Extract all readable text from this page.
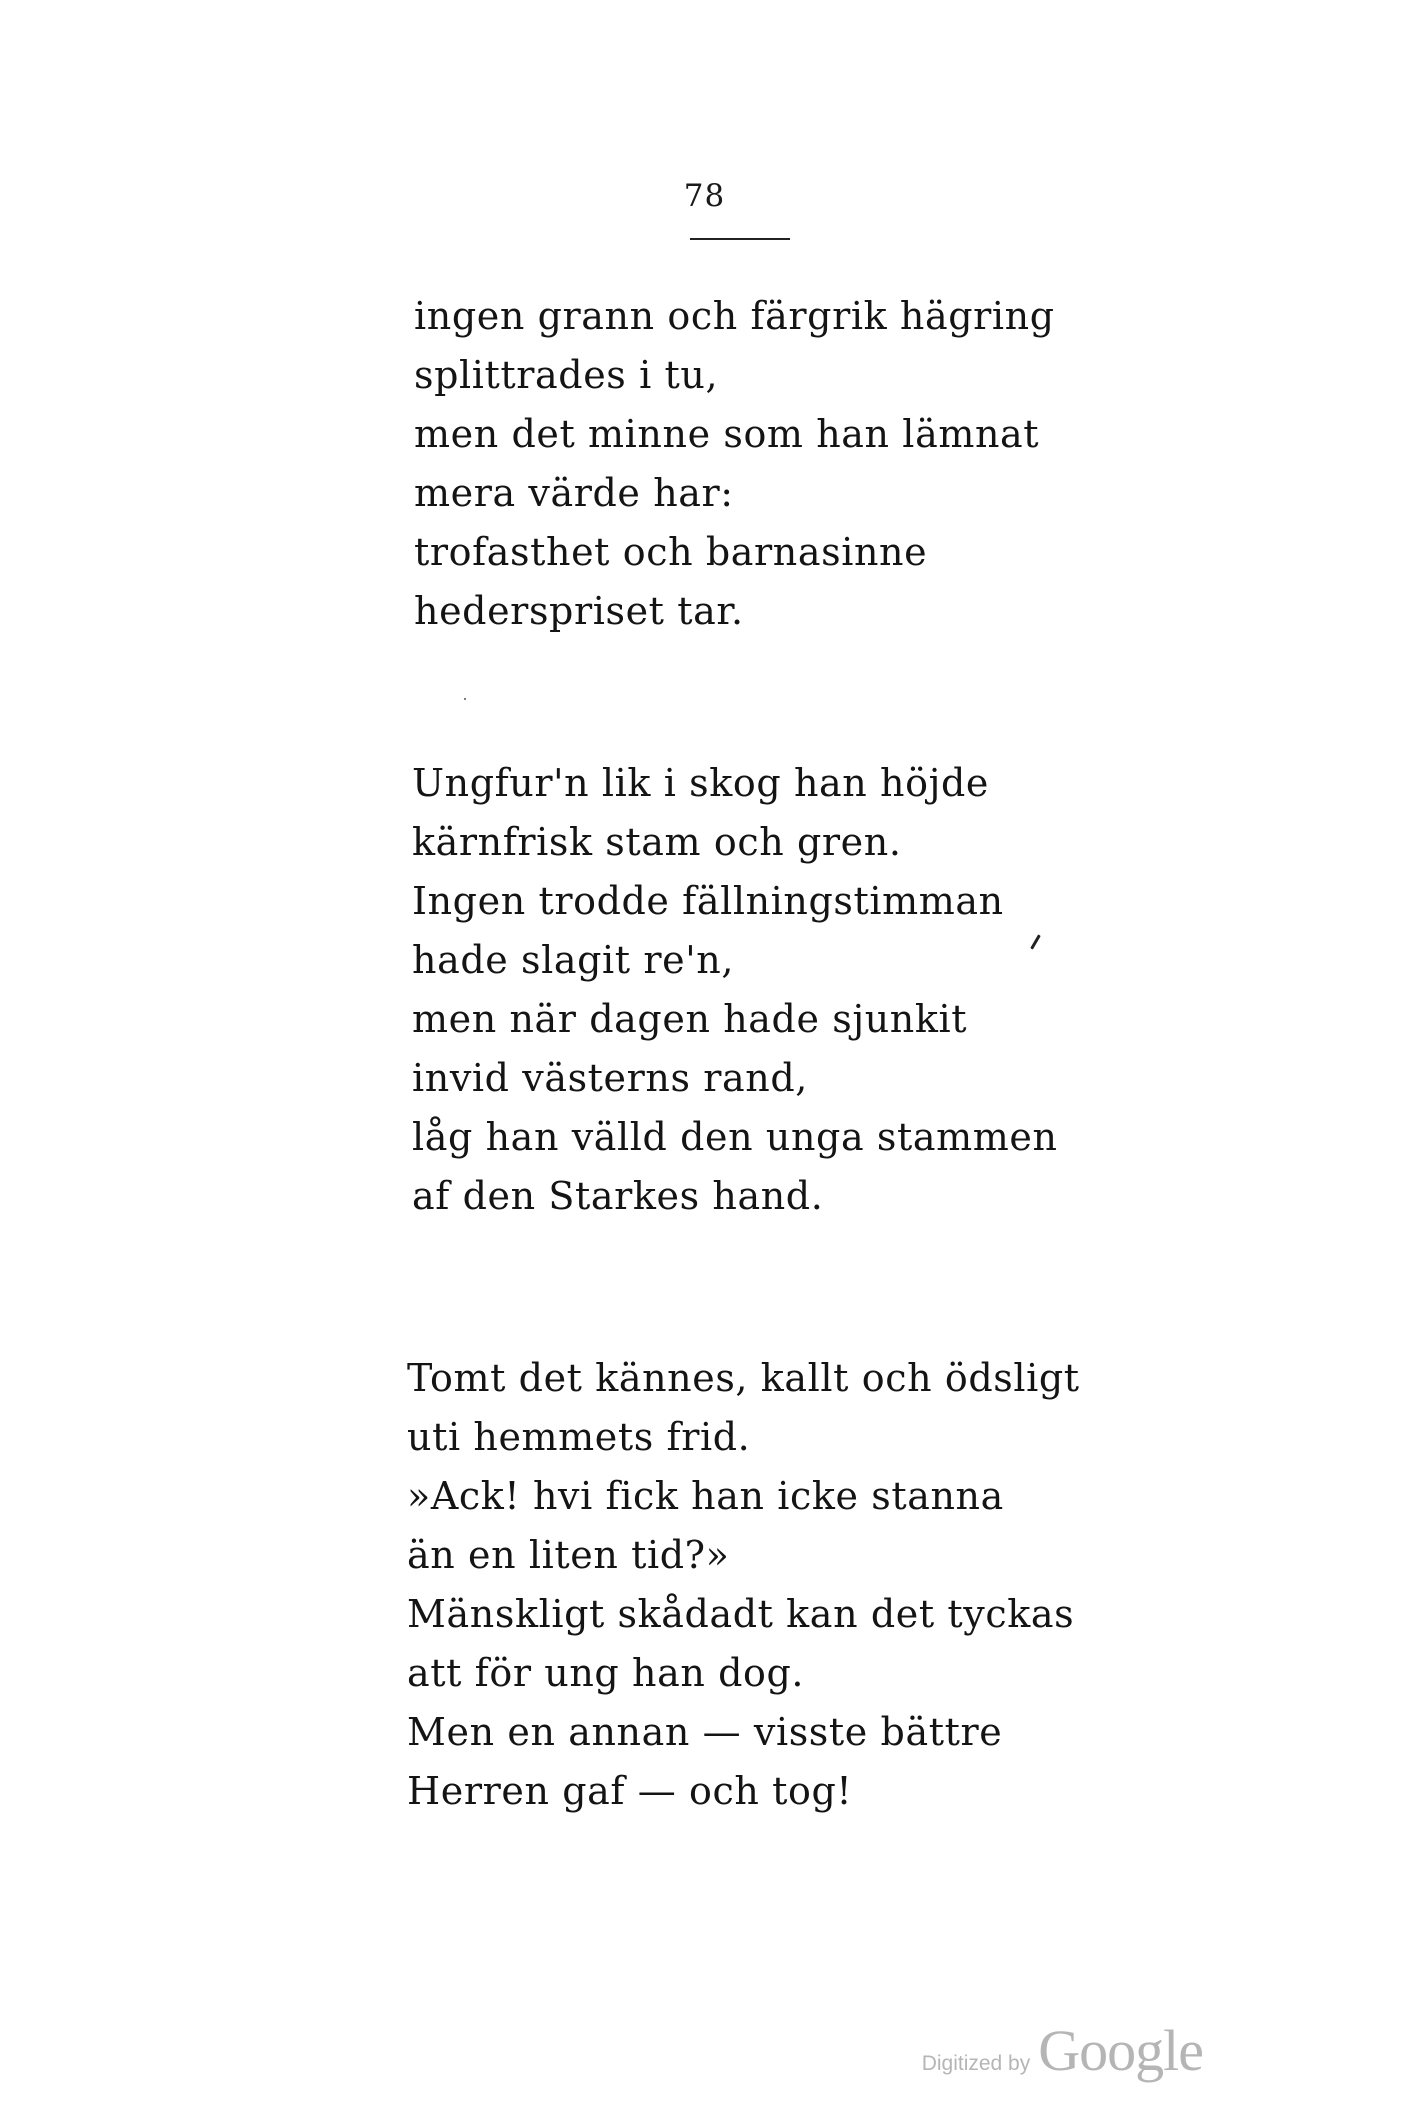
78
ingen grann och färgrik hägring
splittrades i tu,
men det minne som han lämnat
mera värde har:
trofasthet och barnasinne
hederspriset tar.
Ungfur'n lik i skog han höjde
kärnfrisk stam och gren.
Ingen trodde fällningstimman
hade slagit re'n,
men när dagen hade sjunkit
invid västerns rand,
låg han välld den unga stammen
af den Starkes hand.
Tomt det kännes, kallt och ödsligt
uti hemmets frid.
»Ack! hvi fick han icke stanna
än en liten tid?»
Mänskligt skådadt kan det tyckas
att för ung han dog.
Men en annan — visste bättre
Herren gaf — och tog!
Digitized by Google
